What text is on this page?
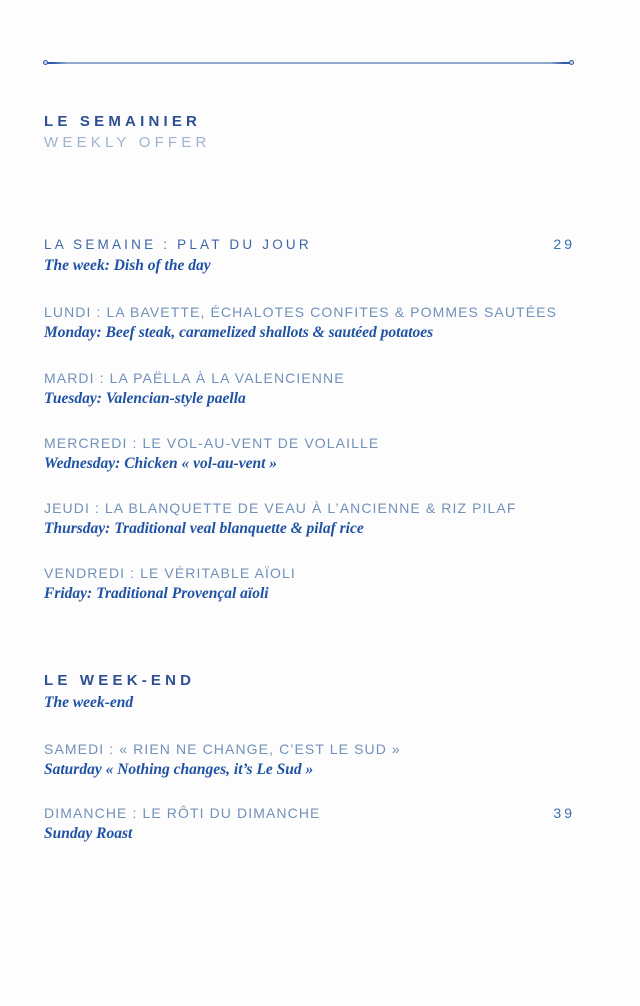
LE SEMAINIER
WEEKLY OFFER
LA SEMAINE : PLAT DU JOUR	29
The week: Dish of the day
LUNDI : LA BAVETTE, ÉCHALOTES CONFITES & POMMES SAUTÉES
Monday: Beef steak, caramelized shallots & sautéed potatoes
MARDI : LA PAËLLA À LA VALENCIENNE
Tuesday: Valencian-style paella
MERCREDI : LE VOL-AU-VENT DE VOLAILLE
Wednesday: Chicken « vol-au-vent »
JEUDI : LA BLANQUETTE DE VEAU À L’ANCIENNE & RIZ PILAF
Thursday: Traditional veal blanquette & pilaf rice
VENDREDI : LE VÉRITABLE AÏOLI
Friday: Traditional Provençal aïoli
LE WEEK-END
The week-end
SAMEDI : « RIEN NE CHANGE, C’EST LE SUD »
Saturday « Nothing changes, it’s Le Sud »
DIMANCHE : LE RÔTI DU DIMANCHE	39
Sunday Roast
